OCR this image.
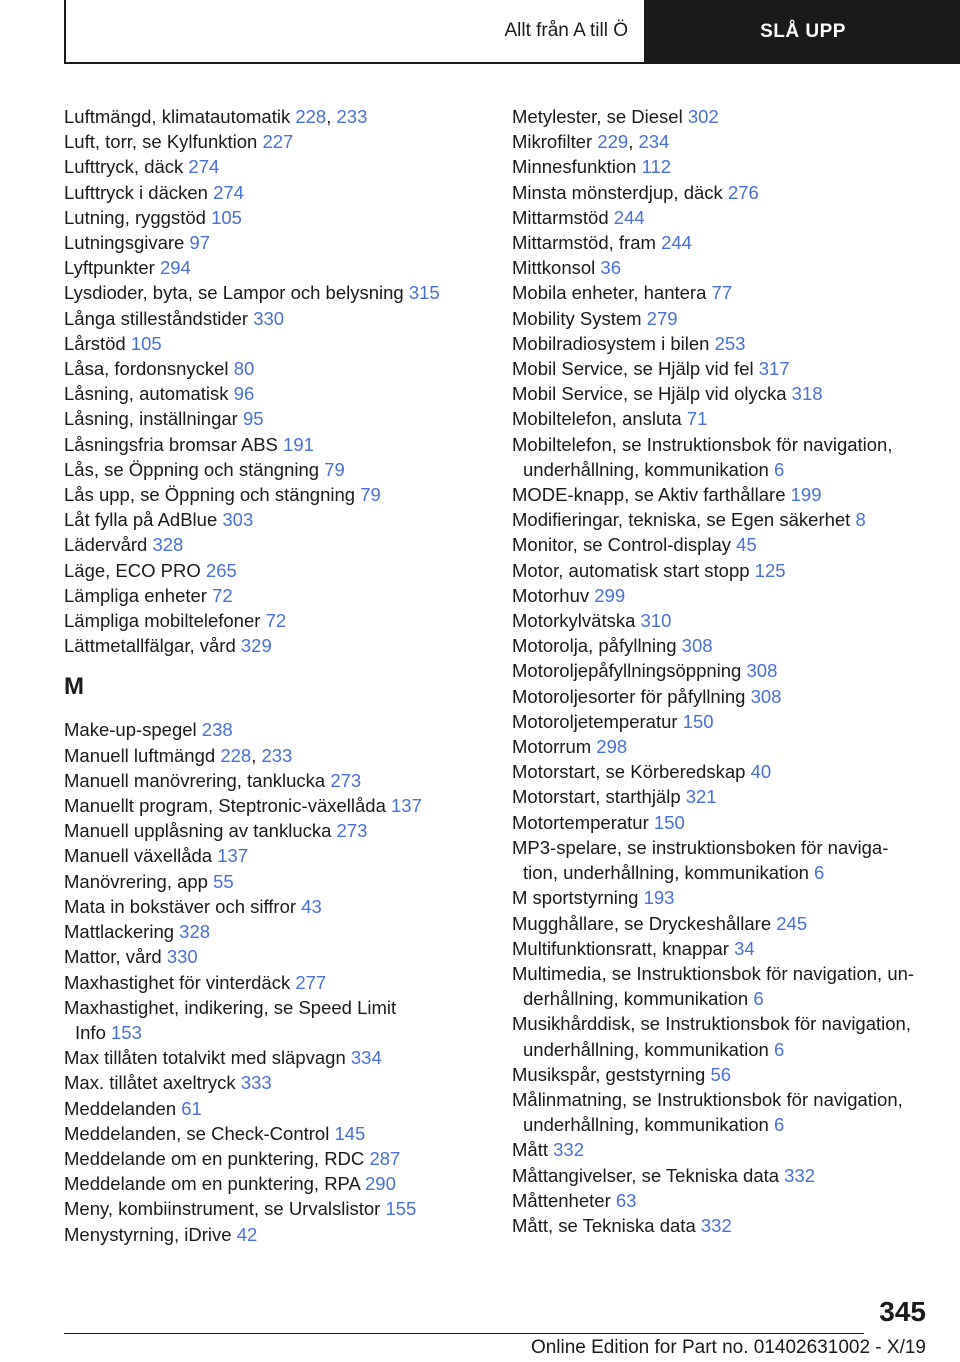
Allt från A till Ö	SLÅ UPP
Luftmängd, klimatautomatik 228, 233
Luft, torr, se Kylfunktion 227
Lufttryck, däck 274
Lufttryck i däcken 274
Lutning, ryggstöd 105
Lutningsgivare 97
Lyftpunkter 294
Lysdioder, byta, se Lampor och belysning 315
Långa stilleståndstider 330
Lårstöd 105
Låsa, fordonsnyckel 80
Låsning, automatisk 96
Låsning, inställningar 95
Låsningsfria bromsar ABS 191
Lås, se Öppning och stängning 79
Lås upp, se Öppning och stängning 79
Låt fylla på AdBlue 303
Lädervård 328
Läge, ECO PRO 265
Lämpliga enheter 72
Lämpliga mobiltelefoner 72
Lättmetallfälgar, vård 329
M
Make-up-spegel 238
Manuell luftmängd 228, 233
Manuell manövrering, tanklucka 273
Manuellt program, Steptronic-växellåda 137
Manuell upplåsning av tanklucka 273
Manuell växellåda 137
Manövrering, app 55
Mata in bokstäver och siffror 43
Mattlackering 328
Mattor, vård 330
Maxhastighet för vinterdäck 277
Maxhastighet, indikering, se Speed Limit
Info 153
Max tillåten totalvikt med släpvagn 334
Max. tillåtet axeltryck 333
Meddelanden 61
Meddelanden, se Check-Control 145
Meddelande om en punktering, RDC 287
Meddelande om en punktering, RPA 290
Meny, kombiinstrument, se Urvalslistor 155
Menystyrning, iDrive 42
Metylester, se Diesel 302
Mikrofilter 229, 234
Minnesfunktion 112
Minsta mönsterdjup, däck 276
Mittarmstöd 244
Mittarmstöd, fram 244
Mittkonsol 36
Mobila enheter, hantera 77
Mobility System 279
Mobilradiosystem i bilen 253
Mobil Service, se Hjälp vid fel 317
Mobil Service, se Hjälp vid olycka 318
Mobiltelefon, ansluta 71
Mobiltelefon, se Instruktionsbok för navigation,
underhållning, kommunikation 6
MODE-knapp, se Aktiv farthållare 199
Modifieringar, tekniska, se Egen säkerhet 8
Monitor, se Control-display 45
Motor, automatisk start stopp 125
Motorhuv 299
Motorkylvätska 310
Motorolja, påfyllning 308
Motoroljepåfyllningsöppning 308
Motoroljesorter för påfyllning 308
Motoroljetemperatur 150
Motorrum 298
Motorstart, se Körberedskap 40
Motorstart, starthjälp 321
Motortemperatur 150
MP3-spelare, se instruktionsboken för naviga-
tion, underhållning, kommunikation 6
M sportstyrning 193
Mugghållare, se Dryckeshållare 245
Multifunktionsratt, knappar 34
Multimedia, se Instruktionsbok för navigation, un-
derhållning, kommunikation 6
Musikhårddisk, se Instruktionsbok för navigation,
underhållning, kommunikation 6
Musikspår, geststyrning 56
Målinmatning, se Instruktionsbok för navigation,
underhållning, kommunikation 6
Mått 332
Måttangivelser, se Tekniska data 332
Måttenheter 63
Mått, se Tekniska data 332
345
Online Edition for Part no. 01402631002 - X/19
